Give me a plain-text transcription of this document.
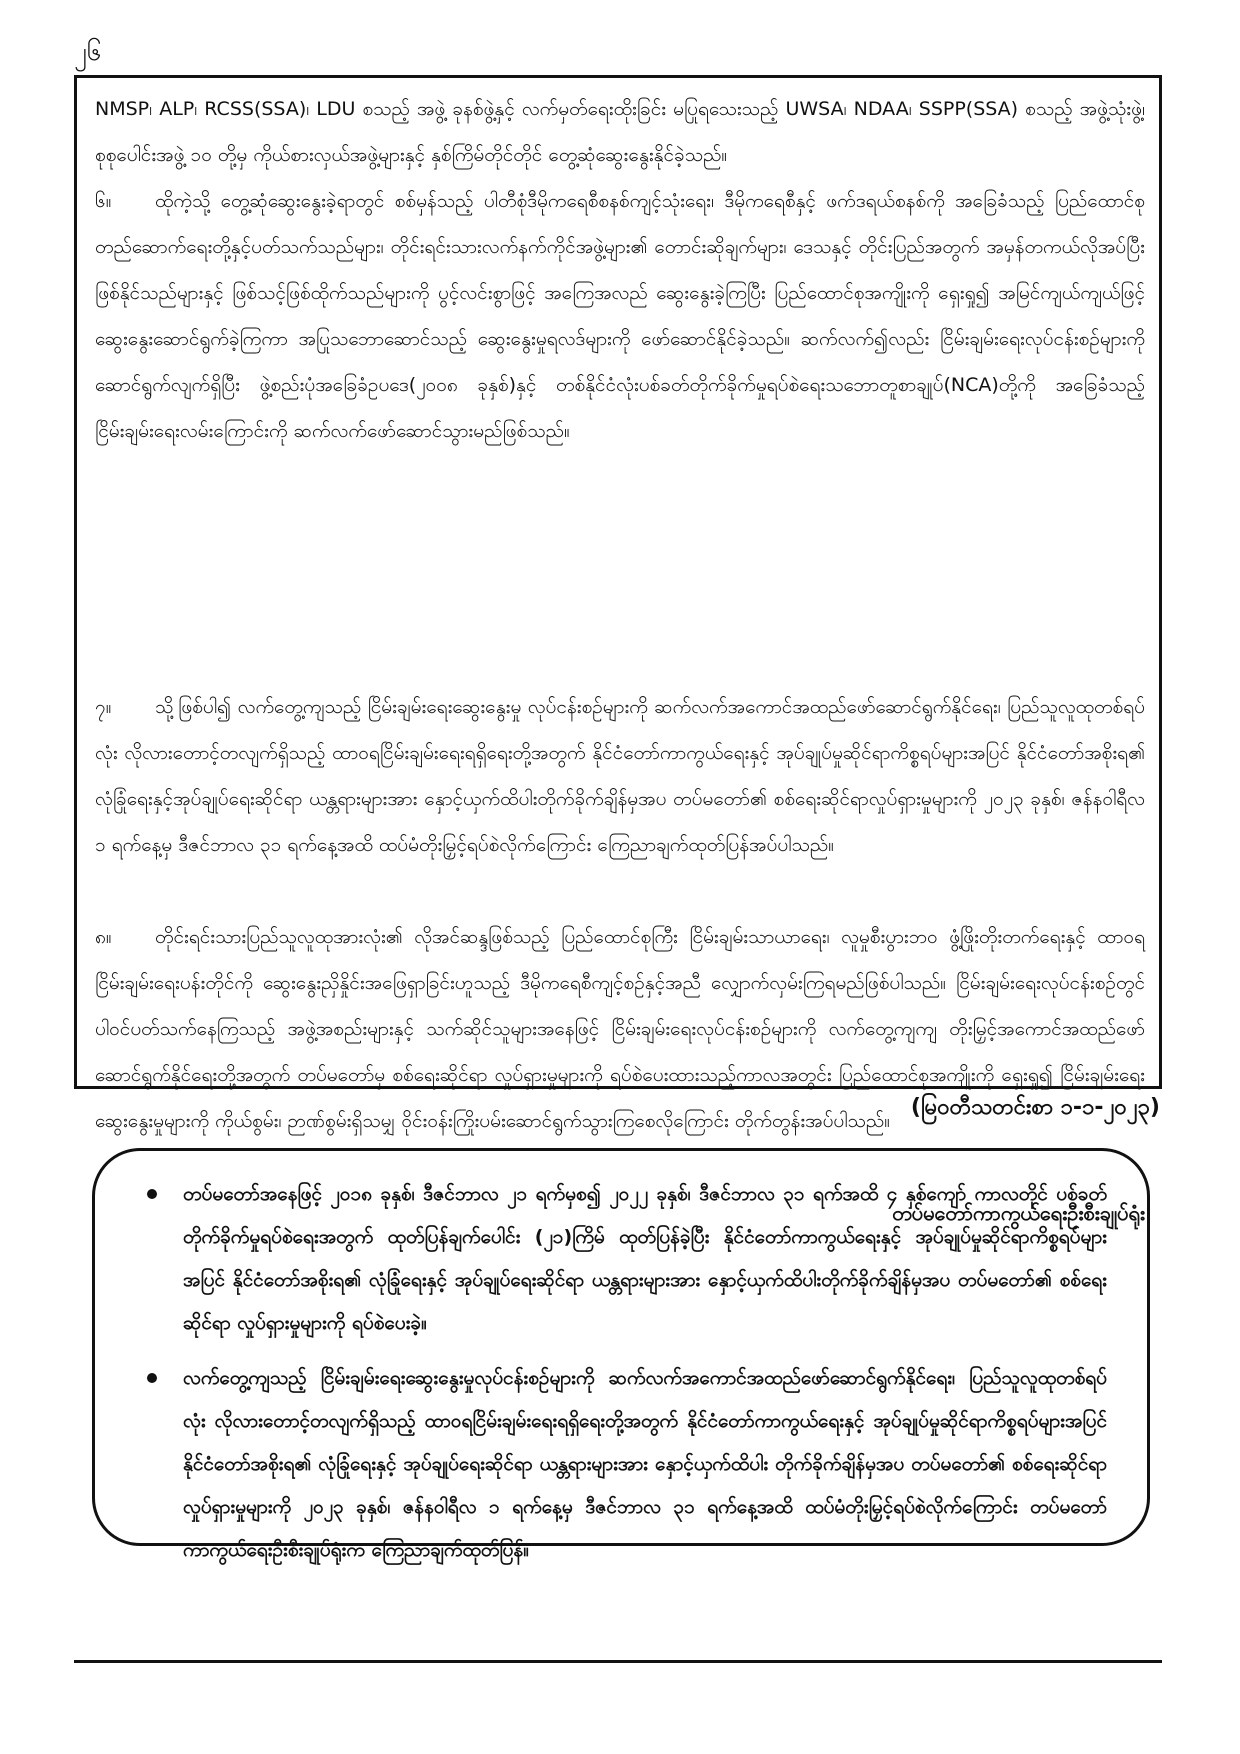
၂၆

NMSP၊ ALP၊ RCSS(SSA)၊ LDU စသည့် အဖွဲ့ ခုနစ်ဖွဲ့နှင့် လက်မှတ်ရေးထိုးခြင်း မပြုရသေးသည့် UWSA၊ NDAA၊ SSPP(SSA) စသည့် အဖွဲ့သုံးဖွဲ့၊ စုစုပေါင်းအဖွဲ့ ၁၀ တို့မှ ကိုယ်စားလှယ်အဖွဲ့များနှင့် နှစ်ကြိမ်တိုင်တိုင် တွေ့ဆုံဆွေးနွေးနိုင်ခဲ့သည်။

၆။ ထိုကဲ့သို့ တွေ့ဆုံဆွေးနွေးခဲ့ရာတွင် စစ်မှန်သည့် ပါတီစုံဒီမိုကရေစီစနစ်ကျင့်သုံးရေး၊ ဒီမိုကရေစီနှင့် ဖက်ဒရယ်စနစ်ကို အခြေခံသည့် ပြည်ထောင်စုတည်ဆောက်ရေးတို့နှင့်ပတ်သက်သည်များ၊ တိုင်းရင်းသားလက်နက်ကိုင်အဖွဲ့များ၏ တောင်းဆိုချက်များ၊ ဒေသနှင့် တိုင်းပြည်အတွက် အမှန်တကယ်လိုအပ်ပြီး ဖြစ်နိုင်သည်များနှင့် ဖြစ်သင့်ဖြစ်ထိုက်သည်များကို ပွင့်လင်းစွာဖြင့် အကြေအလည် ဆွေးနွေးခဲ့ကြပြီး ပြည်ထောင်စုအကျိုးကို ရှေးရှု၍ အမြင်ကျယ်ကျယ်ဖြင့် ဆွေးနွေးဆောင်ရွက်ခဲ့ကြကာ အပြုသဘောဆောင်သည့် ဆွေးနွေးမှုရလဒ်များကို ဖော်ဆောင်နိုင်ခဲ့သည်။ ဆက်လက်၍လည်း ငြိမ်းချမ်းရေးလုပ်ငန်းစဉ်များကို ဆောင်ရွက်လျက်ရှိပြီး ဖွဲ့စည်းပုံအခြေခံဥပဒေ(၂၀၀၈ ခုနှစ်)နှင့် တစ်နိုင်ငံလုံးပစ်ခတ်တိုက်ခိုက်မှုရပ်စဲရေးသဘောတူစာချုပ်(NCA)တို့ကို အခြေခံသည့် ငြိမ်းချမ်းရေးလမ်းကြောင်းကို ဆက်လက်ဖော်ဆောင်သွားမည်ဖြစ်သည်။

၇။ သို့ဖြစ်ပါ၍ လက်တွေ့ကျသည့် ငြိမ်းချမ်းရေးဆွေးနွေးမှု လုပ်ငန်းစဉ်များကို ဆက်လက်အကောင်အထည်ဖော်ဆောင်ရွက်နိုင်ရေး၊ ပြည်သူလူထုတစ်ရပ်လုံး လိုလားတောင့်တလျက်ရှိသည့် ထာဝရငြိမ်းချမ်းရေးရရှိရေးတို့အတွက် နိုင်ငံတော်ကာကွယ်ရေးနှင့် အုပ်ချုပ်မှုဆိုင်ရာကိစ္စရပ်များအပြင် နိုင်ငံတော်အစိုးရ၏ လုံခြုံရေးနှင့်အုပ်ချုပ်ရေးဆိုင်ရာ ယန္တရားများအား နှောင့်ယှက်ထိပါးတိုက်ခိုက်ချိန်မှအပ တပ်မတော်၏ စစ်ရေးဆိုင်ရာလှုပ်ရှားမှုများကို ၂၀၂၃ ခုနှစ်၊ ဇန်နဝါရီလ ၁ ရက်နေ့မှ ဒီဇင်ဘာလ ၃၁ ရက်နေ့အထိ ထပ်မံတိုးမြှင့်ရပ်စဲလိုက်ကြောင်း ကြေညာချက်ထုတ်ပြန်အပ်ပါသည်။

၈။ တိုင်းရင်းသားပြည်သူလူထုအားလုံး၏ လိုအင်ဆန္ဒဖြစ်သည့် ပြည်ထောင်စုကြီး ငြိမ်းချမ်းသာယာရေး၊ လူမှုစီးပွားဘဝ ဖွံ့ဖြိုးတိုးတက်ရေးနှင့် ထာဝရငြိမ်းချမ်းရေးပန်းတိုင်ကို ဆွေးနွေးညှိနှိုင်းအဖြေရှာခြင်းဟူသည့် ဒီမိုကရေစီကျင့်စဉ်နှင့်အညီ လျှောက်လှမ်းကြရမည်ဖြစ်ပါသည်။ ငြိမ်းချမ်းရေးလုပ်ငန်းစဉ်တွင် ပါဝင်ပတ်သက်နေကြသည့် အဖွဲ့အစည်းများနှင့် သက်ဆိုင်သူများအနေဖြင့် ငြိမ်းချမ်းရေးလုပ်ငန်းစဉ်များကို လက်တွေ့ကျကျ တိုးမြှင့်အကောင်အထည်ဖော် ဆောင်ရွက်နိုင်ရေးတို့အတွက် တပ်မတော်မှ စစ်ရေးဆိုင်ရာ လှုပ်ရှားမှုများကို ရပ်စဲပေးထားသည့်ကာလအတွင်း ပြည်ထောင်စုအကျိုးကို ရှေးရှု၍ ငြိမ်းချမ်းရေးဆွေးနွေးမှုများကို ကိုယ်စွမ်း၊ ဉာဏ်စွမ်းရှိသမျှ ဝိုင်းဝန်းကြိုးပမ်းဆောင်ရွက်သွားကြစေလိုကြောင်း တိုက်တွန်းအပ်ပါသည်။

တပ်မတော်ကာကွယ်ရေးဦးစီးချုပ်ရုံး

(မြဝတီသတင်းစာ ၁-၁-၂၀၂၃)
တပ်မတော်အနေဖြင့် ၂၀၁၈ ခုနှစ်၊ ဒီဇင်ဘာလ ၂၁ ရက်မှစ၍ ၂၀၂၂ ခုနှစ်၊ ဒီဇင်ဘာလ ၃၁ ရက်အထိ ၄ နှစ်ကျော် ကာလတိုင် ပစ်ခတ်တိုက်ခိုက်မှုရပ်စဲရေးအတွက် ထုတ်ပြန်ချက်ပေါင်း (၂၁)ကြိမ် ထုတ်ပြန်ခဲ့ပြီး နိုင်ငံတော်ကာကွယ်ရေးနှင့် အုပ်ချုပ်မှုဆိုင်ရာကိစ္စရပ်များအပြင် နိုင်ငံတော်အစိုးရ၏ လုံခြုံရေးနှင့် အုပ်ချုပ်ရေးဆိုင်ရာ ယန္တရားများအား နှောင့်ယှက်ထိပါးတိုက်ခိုက်ချိန်မှအပ တပ်မတော်၏ စစ်ရေးဆိုင်ရာ လှုပ်ရှားမှုများကို ရပ်စဲပေးခဲ့။
လက်တွေ့ကျသည့် ငြိမ်းချမ်းရေးဆွေးနွေးမှုလုပ်ငန်းစဉ်များကို ဆက်လက်အကောင်အထည်ဖော်ဆောင်ရွက်နိုင်ရေး၊ ပြည်သူလူထုတစ်ရပ်လုံး လိုလားတောင့်တလျက်ရှိသည့် ထာဝရငြိမ်းချမ်းရေးရရှိရေးတို့အတွက် နိုင်ငံတော်ကာကွယ်ရေးနှင့် အုပ်ချုပ်မှုဆိုင်ရာကိစ္စရပ်များအပြင် နိုင်ငံတော်အစိုးရ၏ လုံခြုံရေးနှင့် အုပ်ချုပ်ရေးဆိုင်ရာ ယန္တရားများအား နှောင့်ယှက်ထိပါး တိုက်ခိုက်ချိန်မှအပ တပ်မတော်၏ စစ်ရေးဆိုင်ရာ လှုပ်ရှားမှုများကို ၂၀၂၃ ခုနှစ်၊ ဇန်နဝါရီလ ၁ ရက်နေ့မှ ဒီဇင်ဘာလ ၃၁ ရက်နေ့အထိ ထပ်မံတိုးမြှင့်ရပ်စဲလိုက်ကြောင်း တပ်မတော်ကာကွယ်ရေးဦးစီးချုပ်ရုံးက ကြေညာချက်ထုတ်ပြန်။
